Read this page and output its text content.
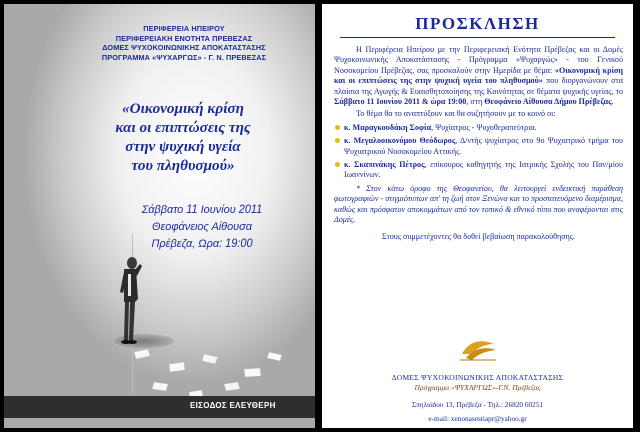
ΠΕΡΙΦΕΡΕΙΑ ΗΠΕΙΡΟΥ
ΠΕΡΙΦΕΡΕΙΑΚΗ ΕΝΟΤΗΤΑ ΠΡΕΒΕΖΑΣ
ΔΟΜΕΣ ΨΥΧΟΚΟΙΝΩΝΙΚΗΣ ΑΠΟΚΑΤΑΣΤΑΣΗΣ
ΠΡΟΓΡΑΜΜΑ «ΨΥΧΑΡΓΩΣ» - Γ. Ν. ΠΡΕΒΕΖΑΣ
«Οικονομική κρίση
και οι επιπτώσεις της
στην ψυχική υγεία
του πληθυσμού»
Σάββατο 11 Ιουνίου 2011
Θεοφάνειος Αίθουσα
Πρέβεζα, Ωρα: 19:00
ΕΙΣΟΔΟΣ ΕΛΕΥΘΕΡΗ
ΠΡΟΣΚΛΗΣΗ

Η Περιφέρεια Ηπείρου με την Περιφερειακή Ενότητα Πρέβεζας και οι Δομές Ψυχοκοινωνικής Αποκατάστασης - Πρόγραμμα «Ψυχαργώς» - του Γενικού Νοσοκομείου Πρέβεζας, σας προσκαλούν στην Ημερίδα με θέμα: «Οικονομική κρίση και οι επιπτώσεις της στην ψυχική υγεία του πληθυσμού» που διοργανώνουν στα πλαίσια της Αγωγής & Ευαισθητοποίησης της Κοινότητας σε θέματα ψυχικής υγείας, το Σάββατο 11 Ιουνίου 2011 & ώρα 19:00, στη Θεοφάνειο Αίθουσα Δήμου Πρέβεζας.

Το θέμα θα το αναπτύξουν και θα συζητήσουν με το κοινό οι:

κ. Μαραγκουδάκη Σοφία, Ψυχίατρος - Ψυχοθεραπεύτρια.
κ. Μεγαλοοικονόμου Θεόδωρος, Δ/ντής ψυχίατρος στο 9ο Ψυχιατρικό τμήμα του Ψυχιατρικού Νοσοκομείου Αττικής.
κ. Σκαπινάκης Πέτρος, επίκουρος καθηγητής της Ιατρικής Σχολής του Παν/μίου Ιωαννίνων.

* Στον κάτω όροφο της Θεοφανείου, θα λειτουργεί ενδεικτική παράθεση φωτογραφιών - στιγμιότυπων απ' τη ζωή στον Ξενώνα και το προστατευόμενο διαμέρισμα, καθώς και πρόσφατον αποκομμάτων από τον τοπικό & εθνικό τύπο που αναφέρονται στις Δομές.

Στους συμμετέχοντες θα δοθεί βεβαίωση παρακολούθησης.

ΔΟΜΕΣ ΨΥΧΟΚΟΙΝΩΝΙΚΗΣ ΑΠΟΚΑΤΑΣΤΑΣΗΣ
Πρόγραμμα «ΨΥΧΑΡΓΩΣ»-Γ.Ν. Πρέβεζας
Σπηλιάδου 13, Πρέβεζα - Τηλ.: 26820 60251
e-mail: xenonasestiapr@yahoo.gr
